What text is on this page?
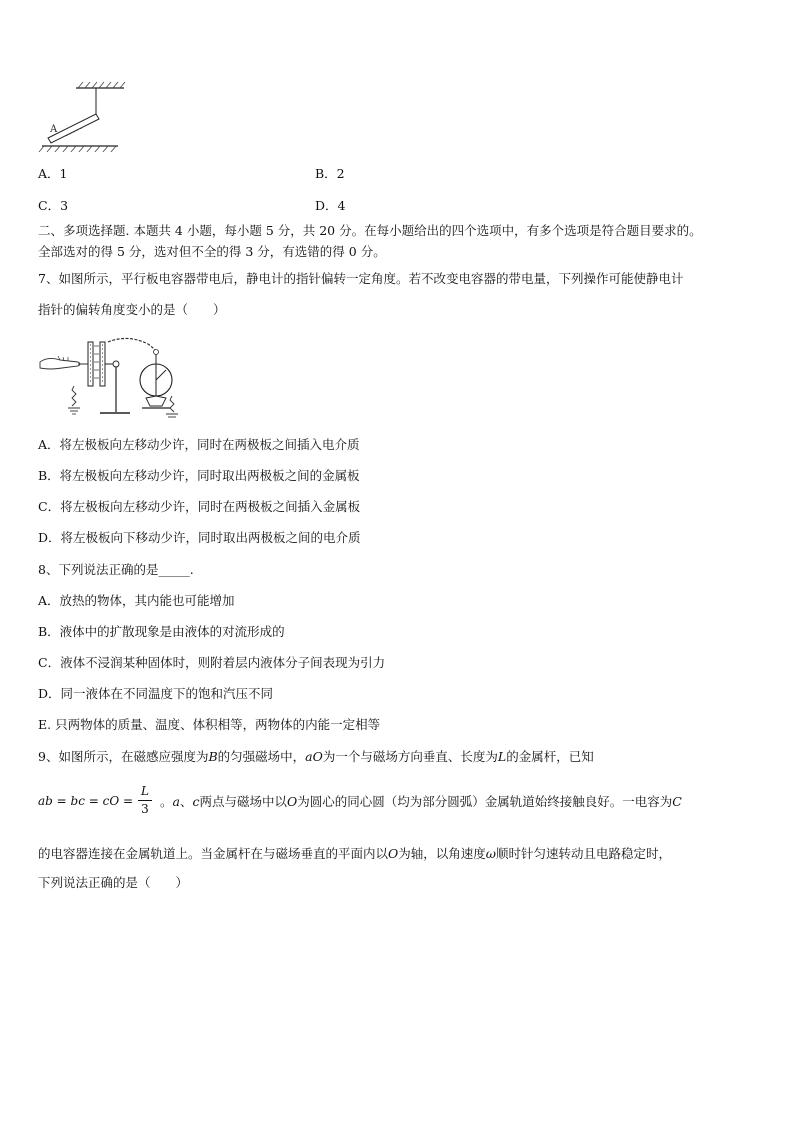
A
A．1	B．2
C．3	D．4
二、多项选择题. 本题共 4 小题，每小题 5 分，共 20 分。在每小题给出的四个选项中，有多个选项是符合题目要求的。
全部选对的得 5 分，选对但不全的得 3 分，有选错的得 0 分。
7、如图所示，平行板电容器带电后，静电计的指针偏转一定角度。若不改变电容器的带电量，下列操作可能使静电计
指针的偏转角度变小的是（　　）
A．将左极板向左移动少许，同时在两极板之间插入电介质
B．将左极板向左移动少许，同时取出两极板之间的金属板
C．将左极板向左移动少许，同时在两极板之间插入金属板
D．将左极板向下移动少许，同时取出两极板之间的电介质
8、下列说法正确的是_____.
A．放热的物体，其内能也可能增加
B．液体中的扩散现象是由液体的对流形成的
C．液体不浸润某种固体时，则附着层内液体分子间表现为引力
D．同一液体在不同温度下的饱和汽压不同
E. 只两物体的质量、温度、体积相等，两物体的内能一定相等
9、如图所示，在磁感应强度为B的匀强磁场中，aO为一个与磁场方向垂直、长度为L的金属杆，已知
ab = bc = cO =
L
3 。a、c两点与磁场中以O为圆心的同心圆（均为部分圆弧）金属轨道始终接触良好。一电容为C
的电容器连接在金属轨道上。当金属杆在与磁场垂直的平面内以O为轴，以角速度ω顺时针匀速转动且电路稳定时，
下列说法正确的是（　　）
